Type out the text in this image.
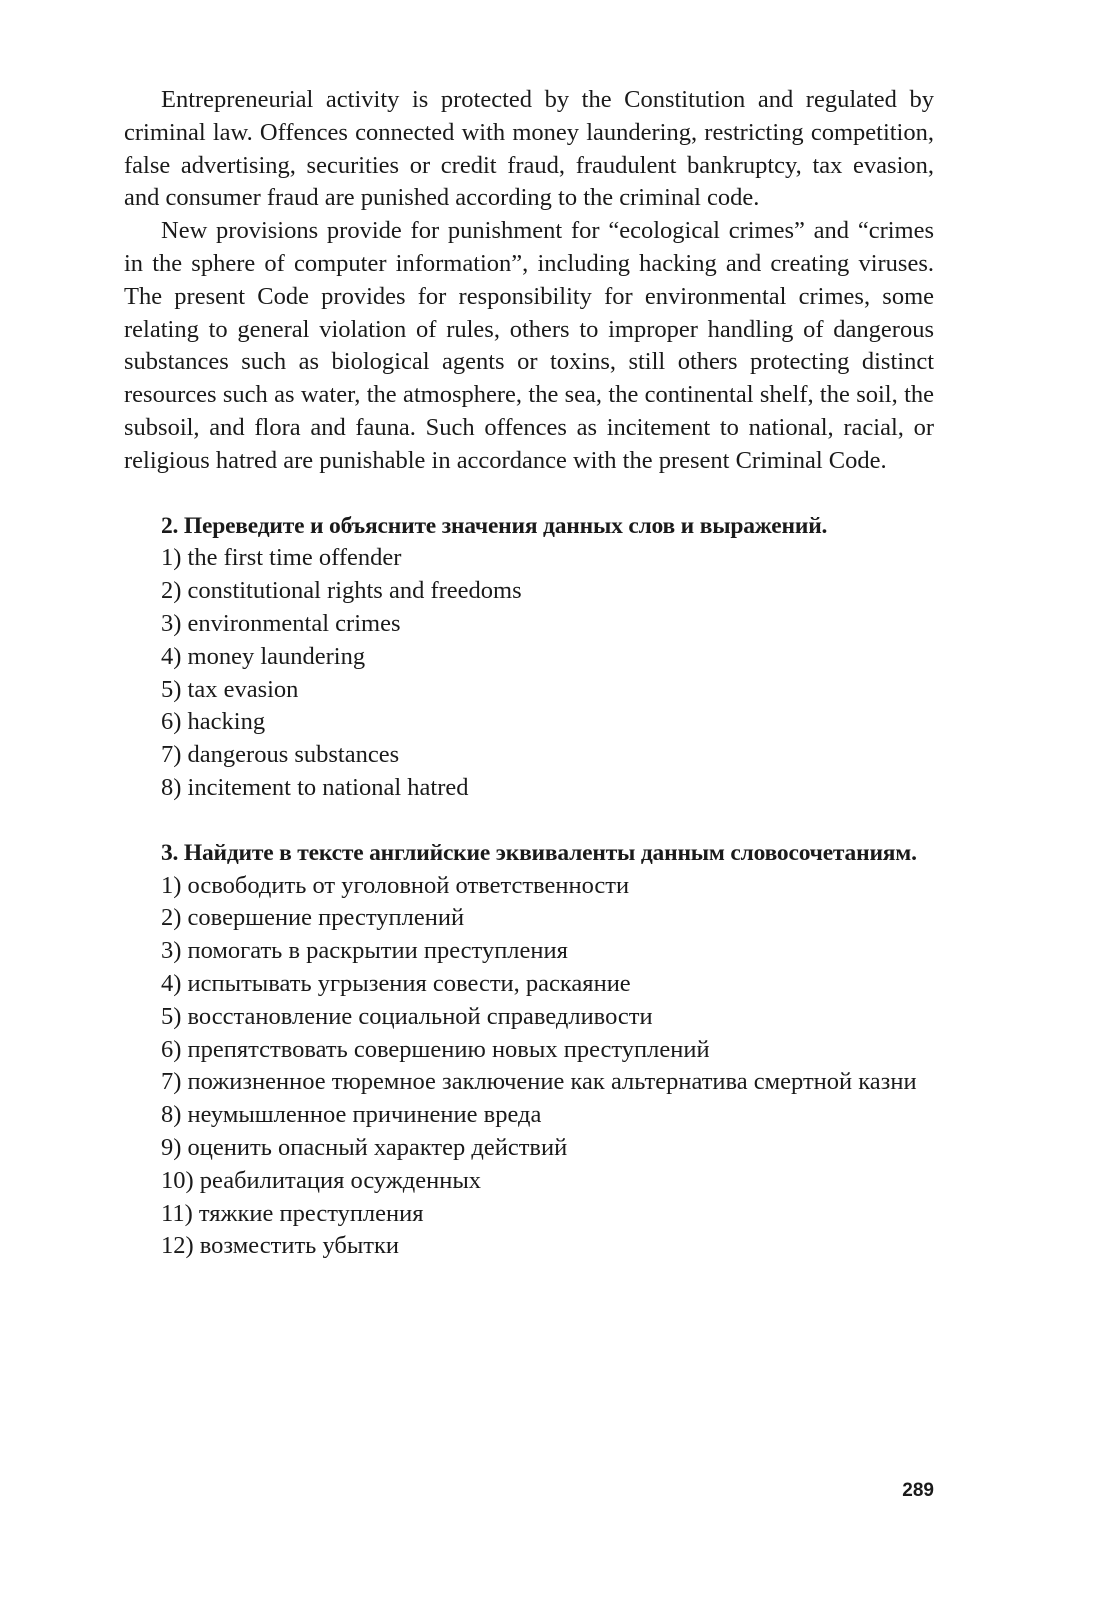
Entrepreneurial activity is protected by the Constitution and regulated by criminal law. Offences connected with money laundering, restricting competition, false advertising, securities or credit fraud, fraudulent bankruptcy, tax evasion, and consumer fraud are punished according to the criminal code.

New provisions provide for punishment for “ecological crimes” and “crimes in the sphere of computer information”, including hacking and creating viruses. The present Code provides for responsibility for environmental crimes, some relating to general violation of rules, others to improper handling of dangerous substances such as biological agents or toxins, still others protecting distinct resources such as water, the atmosphere, the sea, the continental shelf, the soil, the subsoil, and flora and fauna. Such offences as incitement to national, racial, or religious hatred are punishable in accordance with the present Criminal Code.

2. Переведите и объясните значения данных слов и выражений.

1) the first time offender
2) constitutional rights and freedoms
3) environmental crimes
4) money laundering
5) tax evasion
6) hacking
7) dangerous substances
8) incitement to national hatred

3. Найдите в тексте английские эквиваленты данным словосочетаниям.

1) освободить от уголовной ответственности
2) совершение преступлений
3) помогать в раскрытии преступления
4) испытывать угрызения совести, раскаяние
5) восстановление социальной справедливости
6) препятствовать совершению новых преступлений
7) пожизненное тюремное заключение как альтернатива смертной казни
8) неумышленное причинение вреда
9) оценить опасный характер действий
10) реабилитация осужденных
11) тяжкие преступления
12) возместить убытки
289
